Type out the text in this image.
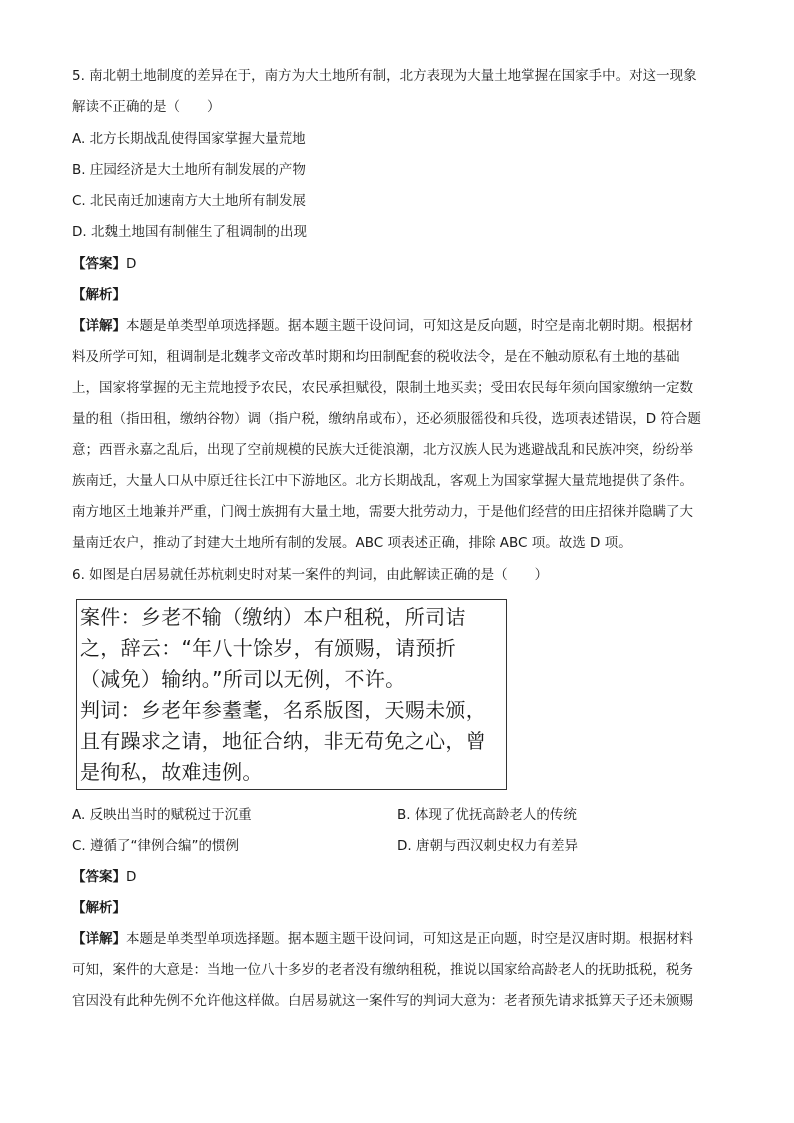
5. 南北朝土地制度的差异在于，南方为大土地所有制，北方表现为大量土地掌握在国家手中。对这一现象
解读不正确的是（　　）
A. 北方长期战乱使得国家掌握大量荒地
B. 庄园经济是大土地所有制发展的产物
C. 北民南迁加速南方大土地所有制发展
D. 北魏土地国有制催生了租调制的出现
【答案】D
【解析】
【详解】本题是单类型单项选择题。据本题主题干设问词，可知这是反向题，时空是南北朝时期。根据材
料及所学可知，租调制是北魏孝文帝改革时期和均田制配套的税收法令，是在不触动原私有土地的基础
上，国家将掌握的无主荒地授予农民，农民承担赋役，限制土地买卖；受田农民每年须向国家缴纳一定数
量的租（指田租，缴纳谷物）调（指户税，缴纳帛或布），还必须服徭役和兵役，选项表述错误，D 符合题
意；西晋永嘉之乱后，出现了空前规模的民族大迁徙浪潮，北方汉族人民为逃避战乱和民族冲突，纷纷举
族南迁，大量人口从中原迁往长江中下游地区。北方长期战乱，客观上为国家掌握大量荒地提供了条件。
南方地区土地兼并严重，门阀士族拥有大量土地，需要大批劳动力，于是他们经营的田庄招徕并隐瞒了大
量南迁农户，推动了封建大土地所有制的发展。ABC 项表述正确，排除 ABC 项。故选 D 项。
6. 如图是白居易就任苏杭刺史时对某一案件的判词，由此解读正确的是（　　）
案件：乡老不输（缴纳）本户租税，所司诘
之，辞云：“年八十馀岁，有颁赐，请预折
（减免）输纳。”所司以无例，不许。
判词：乡老年参耋耄，名系版图，天赐未颁，
且有躁求之请，地征合纳，非无苟免之心，曾
是徇私，故难违例。
A. 反映出当时的赋税过于沉重	B. 体现了优抚高龄老人的传统
C. 遵循了“律例合编”的惯例	D. 唐朝与西汉刺史权力有差异
【答案】D
【解析】
【详解】本题是单类型单项选择题。据本题主题干设问词，可知这是正向题，时空是汉唐时期。根据材料
可知，案件的大意是：当地一位八十多岁的老者没有缴纳租税，推说以国家给高龄老人的抚助抵税，税务
官因没有此种先例不允许他这样做。白居易就这一案件写的判词大意为：老者预先请求抵算天子还未颁赐
